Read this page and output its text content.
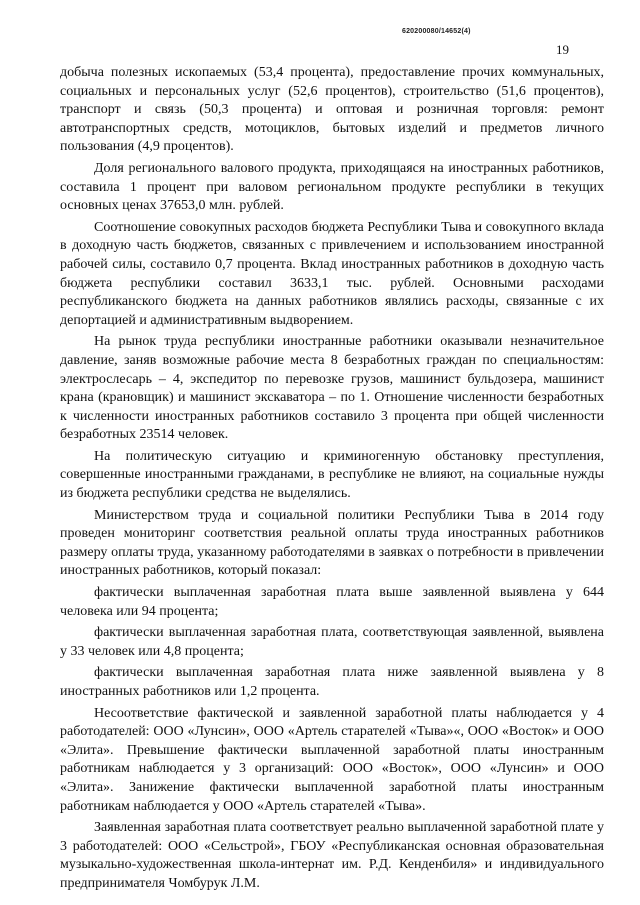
620200080/14652(4)
19

добыча полезных ископаемых (53,4 процента), предоставление прочих коммунальных, социальных и персональных услуг (52,6 процентов), строительство (51,6 процентов), транспорт и связь (50,3 процента) и оптовая и розничная торговля: ремонт автотранспортных средств, мотоциклов, бытовых изделий и предметов личного пользования (4,9 процентов).

Доля регионального валового продукта, приходящаяся на иностранных работников, составила 1 процент при валовом региональном продукте республики в текущих основных ценах 37653,0 млн. рублей.

Соотношение совокупных расходов бюджета Республики Тыва и совокупного вклада в доходную часть бюджетов, связанных с привлечением и использованием иностранной рабочей силы, составило 0,7 процента. Вклад иностранных работников в доходную часть бюджета республики составил 3633,1 тыс. рублей. Основными расходами республиканского бюджета на данных работников являлись расходы, связанные с их депортацией и административным выдворением.

На рынок труда республики иностранные работники оказывали незначительное давление, заняв возможные рабочие места 8 безработных граждан по специальностям: электрослесарь – 4, экспедитор по перевозке грузов, машинист бульдозера, машинист крана (крановщик) и машинист экскаватора – по 1. Отношение численности безработных к численности иностранных работников составило 3 процента при общей численности безработных 23514 человек.

На политическую ситуацию и криминогенную обстановку преступления, совершенные иностранными гражданами, в республике не влияют, на социальные нужды из бюджета республики средства не выделялись.

Министерством труда и социальной политики Республики Тыва в 2014 году проведен мониторинг соответствия реальной оплаты труда иностранных работников размеру оплаты труда, указанному работодателями в заявках о потребности в привлечении иностранных работников, который показал:

фактически выплаченная заработная плата выше заявленной выявлена у 644 человека или 94 процента;

фактически выплаченная заработная плата, соответствующая заявленной, выявлена у 33 человек или 4,8 процента;

фактически выплаченная заработная плата ниже заявленной выявлена у 8 иностранных работников или 1,2 процента.

Несоответствие фактической и заявленной заработной платы наблюдается у 4 работодателей: ООО «Лунсин», ООО «Артель старателей «Тыва»«, ООО «Восток» и ООО «Элита». Превышение фактически выплаченной заработной платы иностранным работникам наблюдается у 3 организаций: ООО «Восток», ООО «Лунсин» и ООО «Элита». Занижение фактически выплаченной заработной платы иностранным работникам наблюдается у ООО «Артель старателей «Тыва».

Заявленная заработная плата соответствует реально выплаченной заработной плате у 3 работодателей: ООО «Сельстрой», ГБОУ «Республиканская основная образовательная музыкально-художественная школа-интернат им. Р.Д. Кенденбиля» и индивидуального предпринимателя Чомбурук Л.М.
